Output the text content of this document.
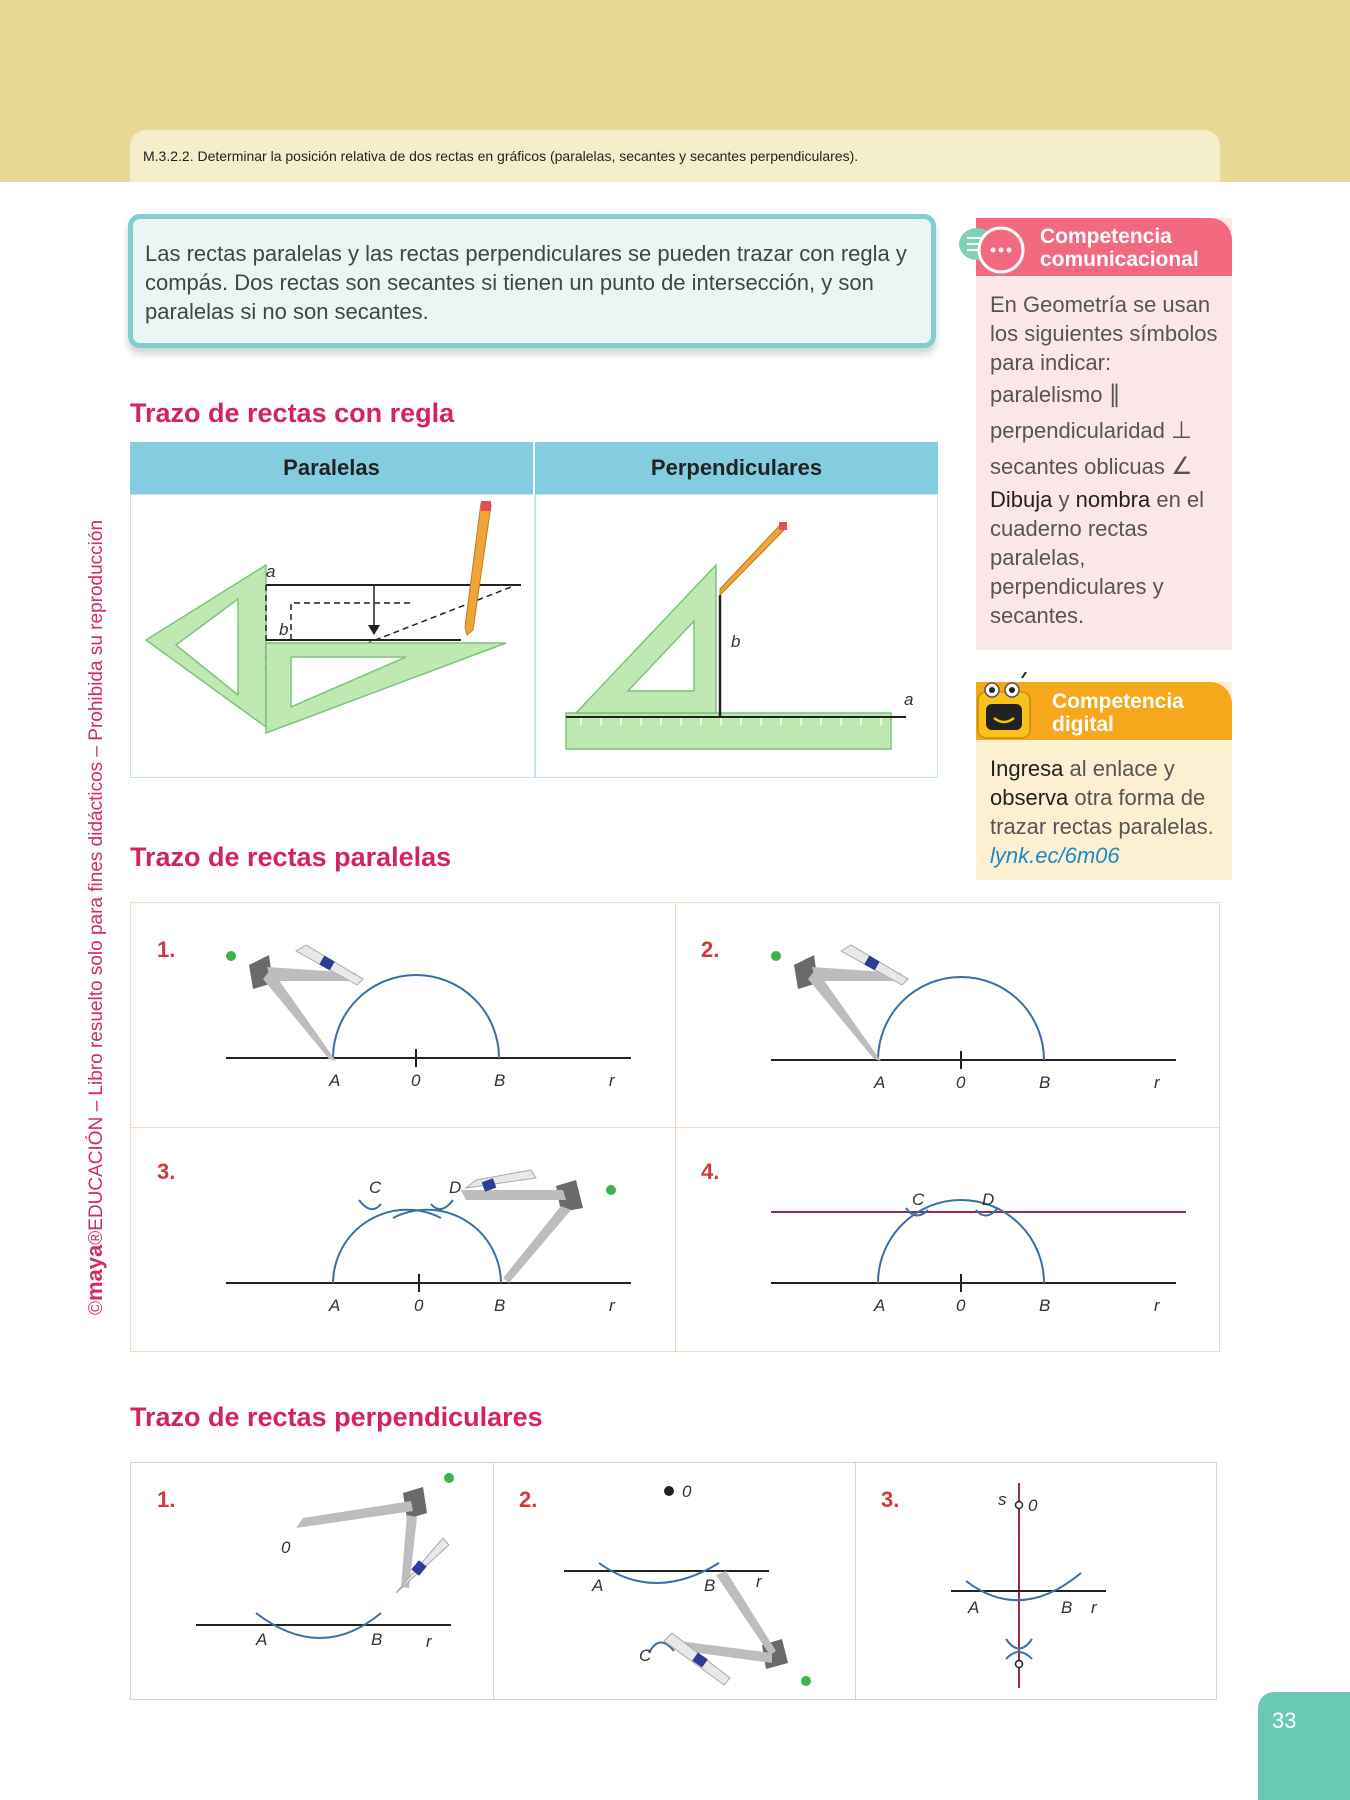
M.3.2.2. Determinar la posición relativa de dos rectas en gráficos (paralelas, secantes y secantes perpendiculares).
©maya®EDUCACIÓN – Libro resuelto solo para fines didácticos – Prohibida su reproducción
Las rectas paralelas y las rectas perpendiculares se pueden trazar con regla y compás. Dos rectas son secantes si tienen un punto de intersección, y son paralelas si no son secantes.
Trazo de rectas con regla
Paralelas	Perpendiculares
a
b
b
a
Trazo de rectas paralelas
1.
A	0	B	r
2.
A	0	B	r
3.
C	D
A	0	B	r
4.
C	D
A	0	B	r
Trazo de rectas perpendiculares
1.
0
A	B	r
2.	0
A	B r
C
3.	s 0
A	B r
Competencia
comunicacional
En Geometría se usan los siguientes símbolos para indicar:
paralelismo ∥
perpendicularidad ⊥
secantes oblicuas ∠
Dibuja y nombra en el cuaderno rectas paralelas, perpendiculares y secantes.
Competencia
digital
Ingresa al enlace y observa otra forma de trazar rectas paralelas.
lynk.ec/6m06
33
